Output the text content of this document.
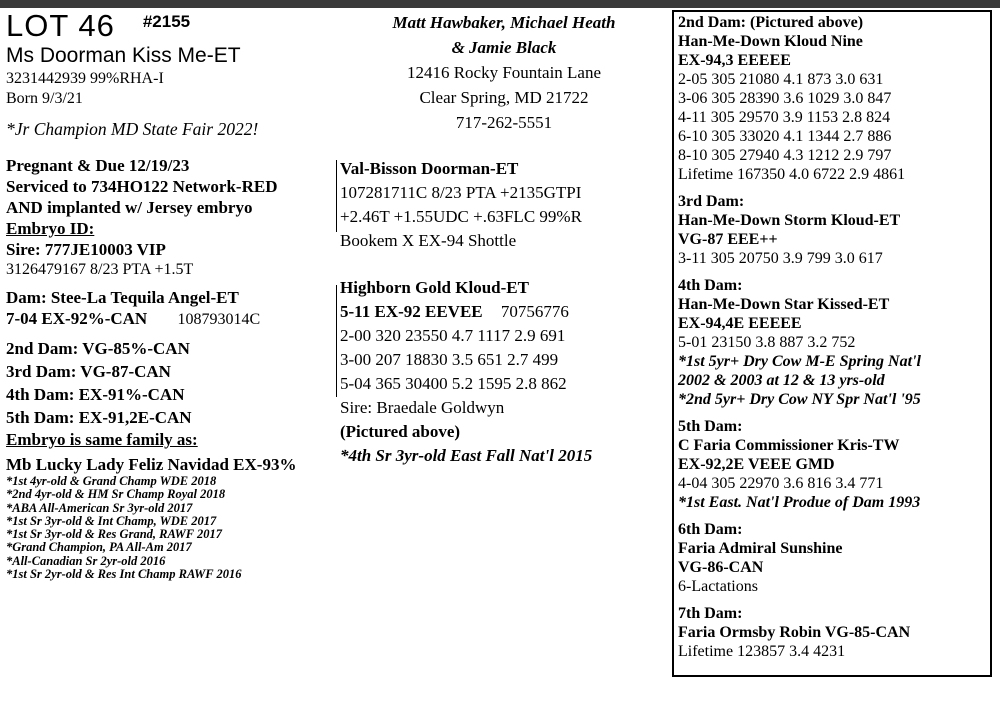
LOT 46 #2155
Ms Doorman Kiss Me-ET
3231442939 99%RHA-I
Born 9/3/21
*Jr Champion MD State Fair 2022!
Pregnant & Due 12/19/23
Serviced to 734HO122 Network-RED
AND implanted w/ Jersey embryo
Embryo ID:
Sire: 777JE10003 VIP
3126479167 8/23 PTA +1.5T
Dam: Stee-La Tequila Angel-ET
7-04 EX-92%-CAN 108793014C
2nd Dam: VG-85%-CAN
3rd Dam: VG-87-CAN
4th Dam: EX-91%-CAN
5th Dam: EX-91,2E-CAN
Embryo is same family as:
Mb Lucky Lady Feliz Navidad EX-93%
*1st 4yr-old & Grand Champ WDE 2018
*2nd 4yr-old & HM Sr Champ Royal 2018
*ABA All-American Sr 3yr-old 2017
*1st Sr 3yr-old & Int Champ, WDE 2017
*1st Sr 3yr-old & Res Grand, RAWF 2017
*Grand Champion, PA All-Am 2017
*All-Canadian Sr 2yr-old 2016
*1st Sr 2yr-old & Res Int Champ RAWF 2016
Matt Hawbaker, Michael Heath
& Jamie Black
12416 Rocky Fountain Lane
Clear Spring, MD 21722
717-262-5551
Val-Bisson Doorman-ET
107281711C 8/23 PTA +2135GTPI
+2.46T +1.55UDC +.63FLC 99%R
Bookem X EX-94 Shottle
Highborn Gold Kloud-ET
5-11 EX-92 EEVEE 70756776
2-00 320 23550 4.7 1117 2.9 691
3-00 207 18830 3.5 651 2.7 499
5-04 365 30400 5.2 1595 2.8 862
Sire: Braedale Goldwyn
(Pictured above)
*4th Sr 3yr-old East Fall Nat'l 2015
2nd Dam: (Pictured above)
Han-Me-Down Kloud Nine
EX-94,3 EEEEE
2-05 305 21080 4.1 873 3.0 631
3-06 305 28390 3.6 1029 3.0 847
4-11 305 29570 3.9 1153 2.8 824
6-10 305 33020 4.1 1344 2.7 886
8-10 305 27940 4.3 1212 2.9 797
Lifetime 167350 4.0 6722 2.9 4861
3rd Dam:
Han-Me-Down Storm Kloud-ET
VG-87 EEE++
3-11 305 20750 3.9 799 3.0 617
4th Dam:
Han-Me-Down Star Kissed-ET
EX-94,4E EEEEE
5-01 23150 3.8 887 3.2 752
*1st 5yr+ Dry Cow M-E Spring Nat'l
2002 & 2003 at 12 & 13 yrs-old
*2nd 5yr+ Dry Cow NY Spr Nat'l '95
5th Dam:
C Faria Commissioner Kris-TW
EX-92,2E VEEE GMD
4-04 305 22970 3.6 816 3.4 771
*1st East. Nat'l Produe of Dam 1993
6th Dam:
Faria Admiral Sunshine
VG-86-CAN
6-Lactations
7th Dam:
Faria Ormsby Robin VG-85-CAN
Lifetime 123857 3.4 4231
